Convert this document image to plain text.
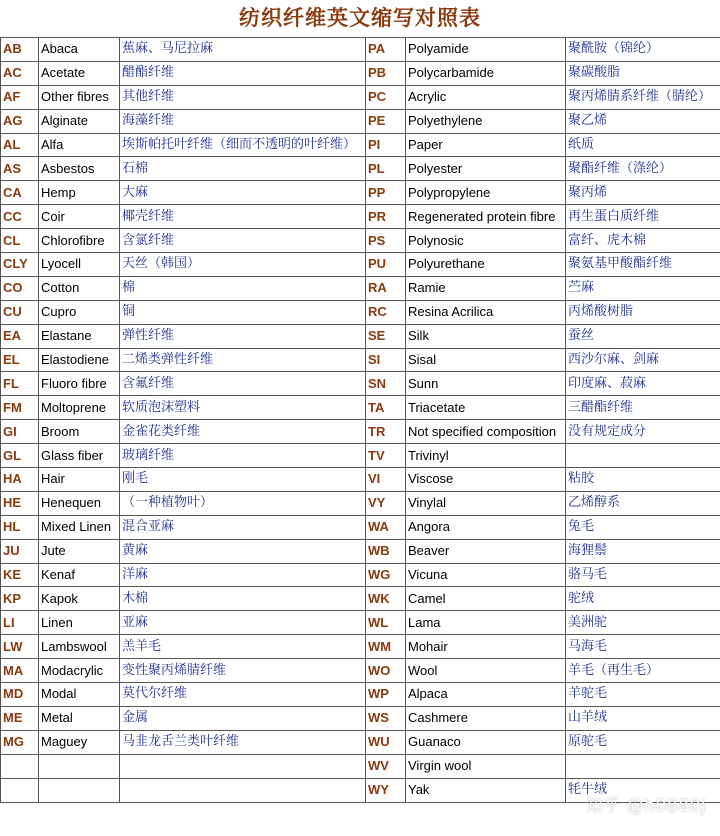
纺织纤维英文缩写对照表
AB	Abaca	蕉麻、马尼拉麻	PA	Polyamide	聚酰胺（锦纶）
AC	Acetate	醋酯纤维	PB	Polycarbamide	聚碳酸脂
AF	Other fibres	其他纤维	PC	Acrylic	聚丙烯腈系纤维（腈纶）
AG	Alginate	海藻纤维	PE	Polyethylene	聚乙烯
AL	Alfa	埃斯帕托叶纤维（细而不透明的叶纤维）	PI	Paper	纸质
AS	Asbestos	石棉	PL	Polyester	聚酯纤维（涤纶）
CA	Hemp	大麻	PP	Polypropylene	聚丙烯
CC	Coir	椰壳纤维	PR	Regenerated protein fibre	再生蛋白质纤维
CL	Chlorofibre	含氯纤维	PS	Polynosic	富纤、虎木棉
CLY	Lyocell	天丝（韩国）	PU	Polyurethane	聚氨基甲酸酯纤维
CO	Cotton	棉	RA	Ramie	苎麻
CU	Cupro	铜	RC	Resina Acrilica	丙烯酸树脂
EA	Elastane	弹性纤维	SE	Silk	蚕丝
EL	Elastodiene	二烯类弹性纤维	SI	Sisal	西沙尔麻、剑麻
FL	Fluoro fibre	含氟纤维	SN	Sunn	印度麻、菽麻
FM	Moltoprene	软质泡沫塑料	TA	Triacetate	三醋酯纤维
GI	Broom	金雀花类纤维	TR	Not specified composition	没有规定成分
GL	Glass fiber	玻璃纤维	TV	Trivinyl	
HA	Hair	刚毛	VI	Viscose	粘胶
HE	Henequen	（一种植物叶）	VY	Vinylal	乙烯醇系
HL	Mixed Linen	混合亚麻	WA	Angora	兔毛
JU	Jute	黄麻	WB	Beaver	海狸鬃
KE	Kenaf	洋麻	WG	Vicuna	骆马毛
KP	Kapok	木棉	WK	Camel	驼绒
LI	Linen	亚麻	WL	Lama	美洲驼
LW	Lambswool	羔羊毛	WM	Mohair	马海毛
MA	Modacrylic	变性聚丙烯腈纤维	WO	Wool	羊毛（再生毛）
MD	Modal	莫代尔纤维	WP	Alpaca	羊驼毛
ME	Metal	金属	WS	Cashmere	山羊绒
MG	Maguey	马韭龙舌兰类叶纤维	WU	Guanaco	原驼毛
			WV	Virgin wool	
			WY	Yak	牦牛绒
知乎 @h0880j
